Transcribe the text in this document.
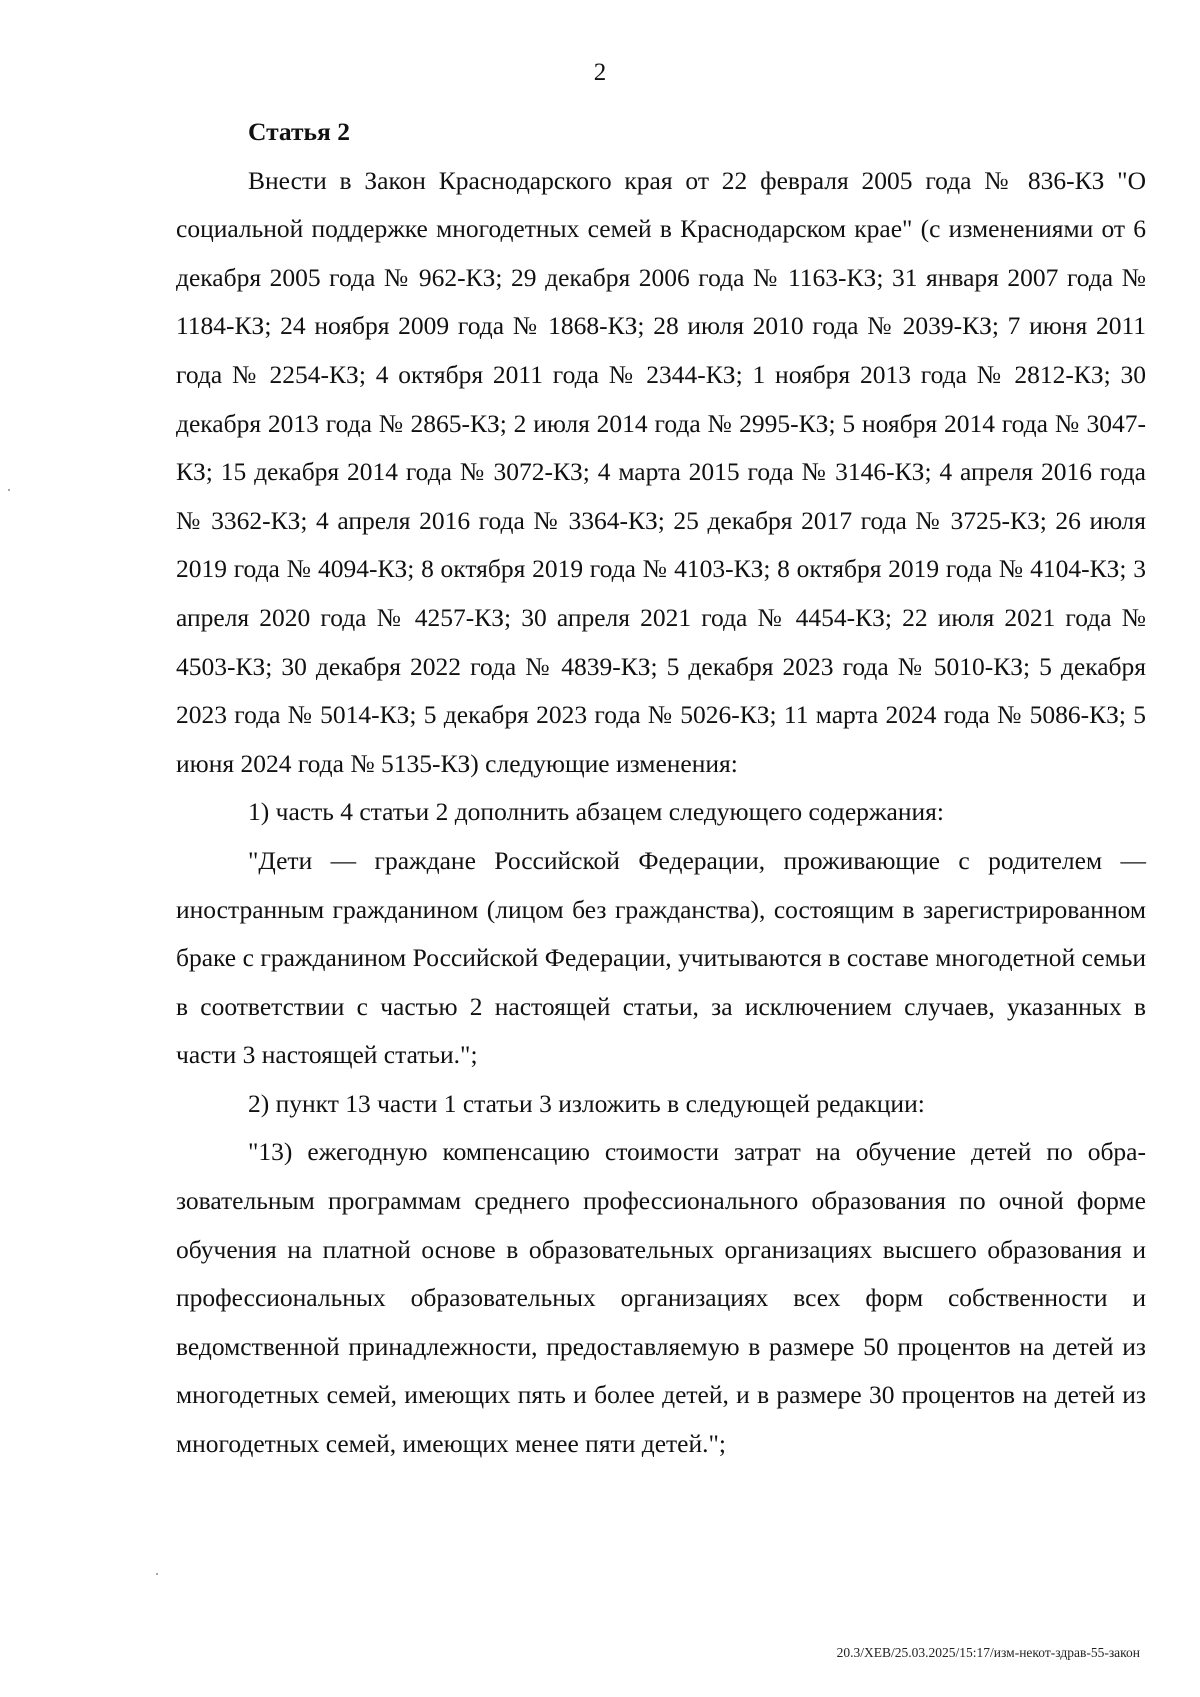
2

Статья 2

Внести в Закон Краснодарского края от 22 февраля 2005 года № 836-КЗ "О социальной поддержке многодетных семей в Краснодарском крае" (с изменениями от 6 декабря 2005 года № 962-КЗ; 29 декабря 2006 года № 1163-КЗ; 31 января 2007 года № 1184-КЗ; 24 ноября 2009 года № 1868-КЗ; 28 июля 2010 года № 2039-КЗ; 7 июня 2011 года № 2254-КЗ; 4 октября 2011 года № 2344-КЗ; 1 ноября 2013 года № 2812-КЗ; 30 декабря 2013 года № 2865-КЗ; 2 июля 2014 года № 2995-КЗ; 5 ноября 2014 года № 3047-КЗ; 15 декабря 2014 года № 3072-КЗ; 4 марта 2015 года № 3146-КЗ; 4 апреля 2016 года № 3362-КЗ; 4 апреля 2016 года № 3364-КЗ; 25 декабря 2017 года № 3725-КЗ; 26 июля 2019 года № 4094-КЗ; 8 октября 2019 года № 4103-КЗ; 8 октября 2019 года № 4104-КЗ; 3 апреля 2020 года № 4257-КЗ; 30 апреля 2021 года № 4454-КЗ; 22 июля 2021 года № 4503-КЗ; 30 декабря 2022 года № 4839-КЗ; 5 декабря 2023 года № 5010-КЗ; 5 декабря 2023 года № 5014-КЗ; 5 декабря 2023 года № 5026-КЗ; 11 марта 2024 года № 5086-КЗ; 5 июня 2024 года № 5135-КЗ) следующие изменения:

1) часть 4 статьи 2 дополнить абзацем следующего содержания:

"Дети — граждане Российской Федерации, проживающие с родителем — иностранным гражданином (лицом без гражданства), состоящим в зарегистрированном браке с гражданином Российской Федерации, учитываются в составе многодетной семьи в соответствии с частью 2 настоящей статьи, за исключением случаев, указанных в части 3 настоящей статьи.";

2) пункт 13 части 1 статьи 3 изложить в следующей редакции:

"13) ежегодную компенсацию стоимости затрат на обучение детей по образовательным программам среднего профессионального образования по очной форме обучения на платной основе в образовательных организациях высшего образования и профессиональных образовательных организациях всех форм собственности и ведомственной принадлежности, предоставляемую в размере 50 процентов на детей из многодетных семей, имеющих пять и более детей, и в размере 30 процентов на детей из многодетных семей, имеющих менее пяти детей.";

20.3/ХЕВ/25.03.2025/15:17/изм-некот-здрав-55-закон
